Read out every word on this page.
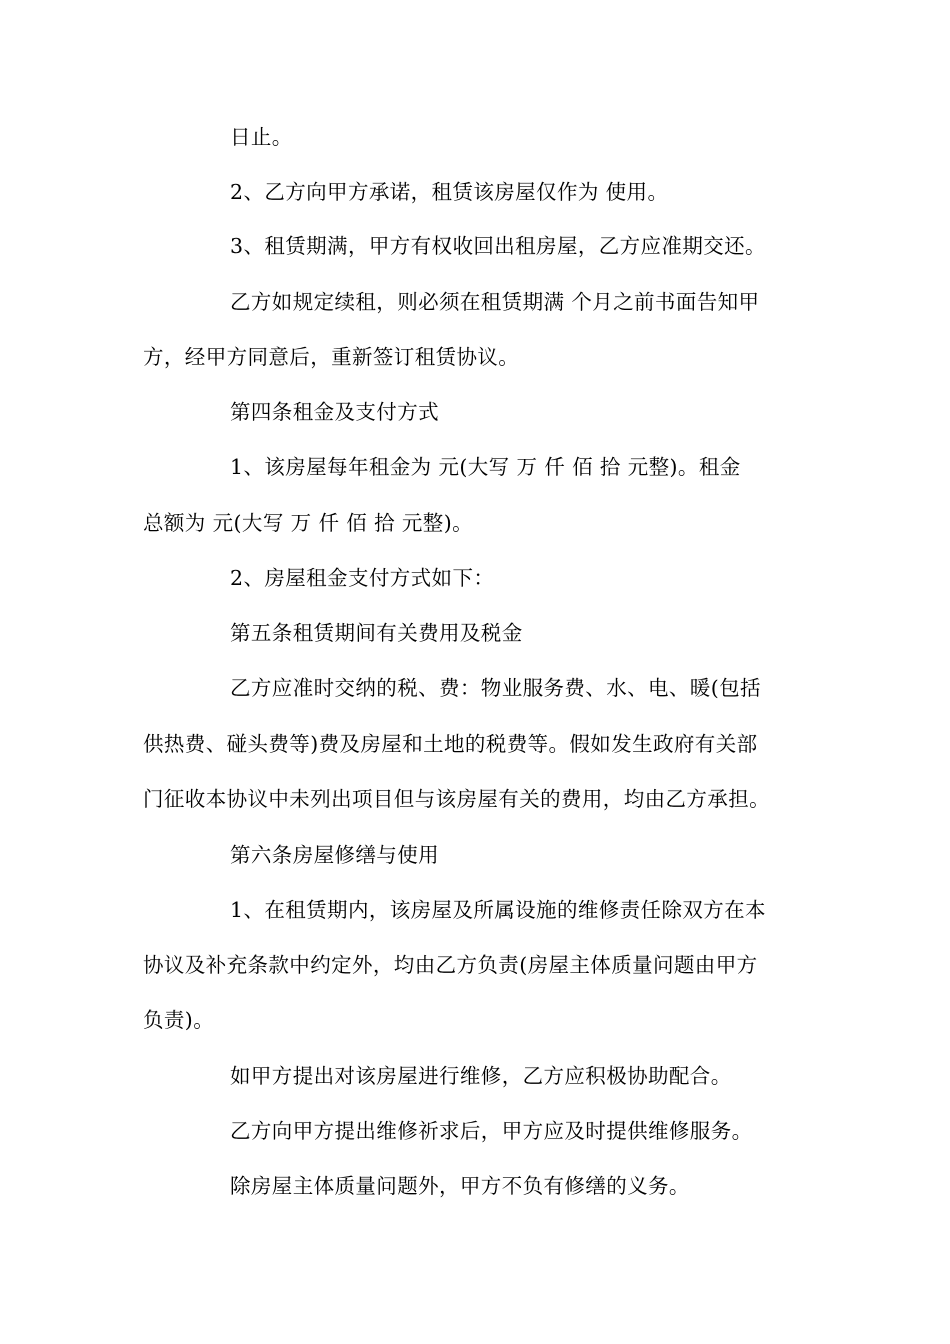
日止。

2、乙方向甲方承诺，租赁该房屋仅作为 使用。

3、租赁期满，甲方有权收回出租房屋，乙方应准期交还。

乙方如规定续租，则必须在租赁期满 个月之前书面告知甲

方，经甲方同意后，重新签订租赁协议。

第四条租金及支付方式

1、该房屋每年租金为 元(大写 万 仟 佰 拾 元整)。租金

总额为 元(大写 万 仟 佰 拾 元整)。

2、房屋租金支付方式如下：

第五条租赁期间有关费用及税金

乙方应准时交纳的税、费：物业服务费、水、电、暖(包括

供热费、碰头费等)费及房屋和土地的税费等。假如发生政府有关部

门征收本协议中未列出项目但与该房屋有关的费用，均由乙方承担。

第六条房屋修缮与使用

1、在租赁期内，该房屋及所属设施的维修责任除双方在本

协议及补充条款中约定外，均由乙方负责(房屋主体质量问题由甲方

负责)。

如甲方提出对该房屋进行维修，乙方应积极协助配合。

乙方向甲方提出维修祈求后，甲方应及时提供维修服务。

除房屋主体质量问题外，甲方不负有修缮的义务。
